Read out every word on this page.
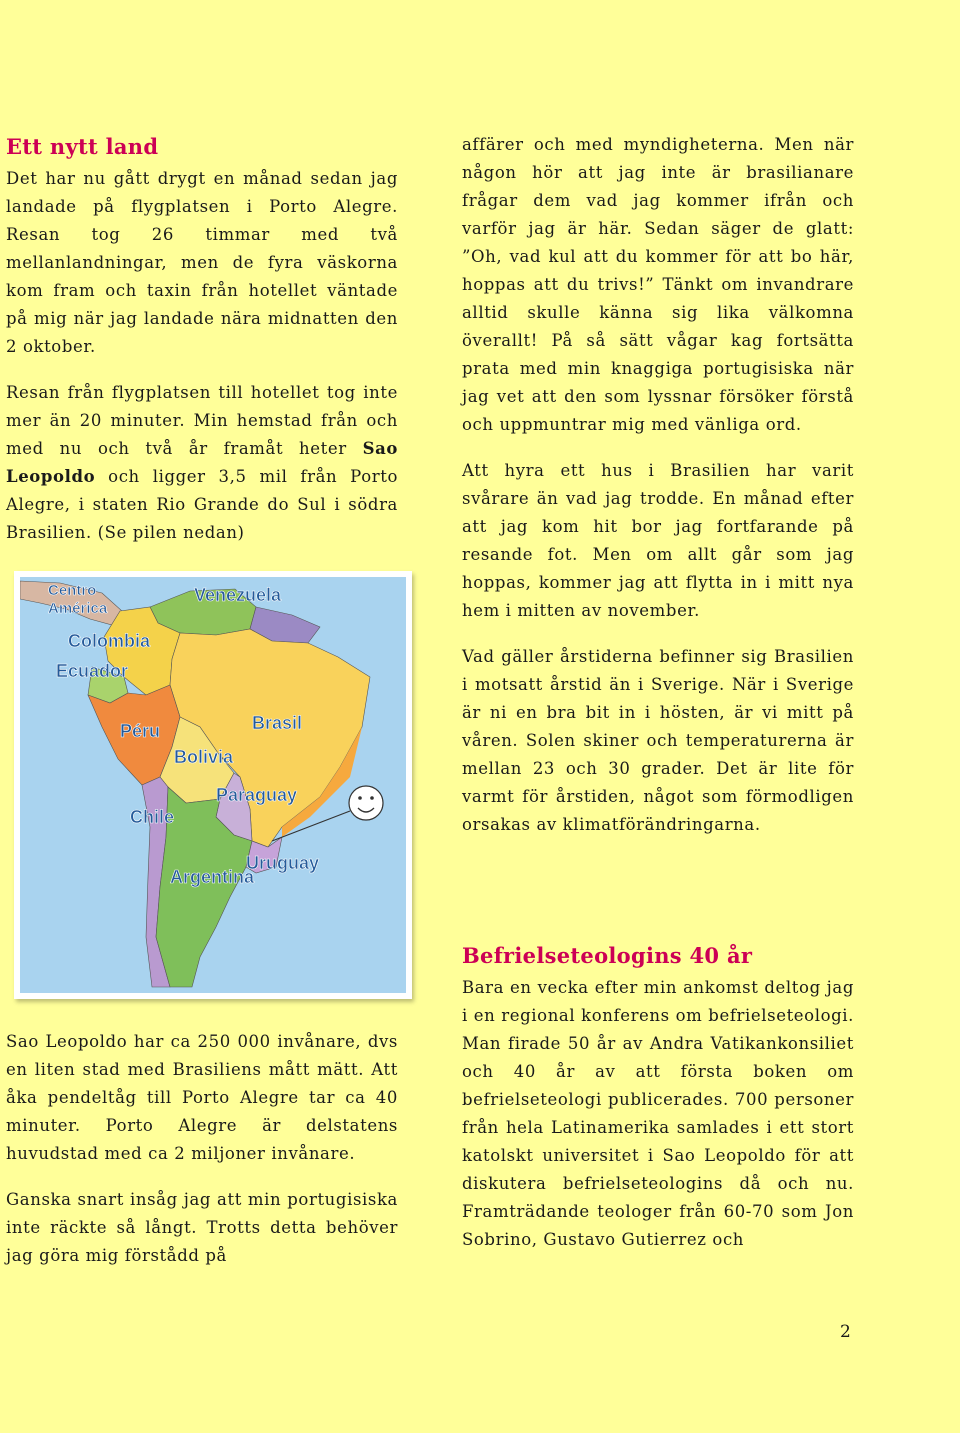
Ett nytt land

Det har nu gått drygt en månad sedan jag landade på flygplatsen i Porto Alegre. Resan tog 26 timmar med två mellanlandningar, men de fyra väskorna kom fram och taxin från hotellet väntade på mig när jag landade nära midnatten den 2 oktober.

Resan från flygplatsen till hotellet tog inte mer än 20 minuter. Min hemstad från och med nu och två år framåt heter Sao Leopoldo och ligger 3,5 mil från Porto Alegre, i staten Rio Grande do Sul i södra Brasilien. (Se pilen nedan)

Centro
América
Venezuela
Colombia
Ecuador
Péru	Brasil
Bolivia
Paraguay
Chile
Uruguay
Argentina

Sao Leopoldo har ca 250 000 invånare, dvs en liten stad med Brasiliens mått mätt. Att åka pendeltåg till Porto Alegre tar ca 40 minuter. Porto Alegre är delstatens huvudstad med ca 2 miljoner invånare.

Ganska snart insåg jag att min portugisiska inte räckte så långt. Trotts detta behöver jag göra mig förstådd på

affärer och med myndigheterna. Men när någon hör att jag inte är brasilianare frågar dem vad jag kommer ifrån och varför jag är här. Sedan säger de glatt: ”Oh, vad kul att du kommer för att bo här, hoppas att du trivs!” Tänkt om invandrare alltid skulle känna sig lika välkomna överallt! På så sätt vågar kag fortsätta prata med min knaggiga portugisiska när jag vet att den som lyssnar försöker förstå och uppmuntrar mig med vänliga ord.

Att hyra ett hus i Brasilien har varit svårare än vad jag trodde. En månad efter att jag kom hit bor jag fortfarande på resande fot. Men om allt går som jag hoppas, kommer jag att flytta in i mitt nya hem i mitten av november.

Vad gäller årstiderna befinner sig Brasilien i motsatt årstid än i Sverige. När i Sverige är ni en bra bit in i hösten, är vi mitt på våren. Solen skiner och temperaturerna är mellan 23 och 30 grader. Det är lite för varmt för årstiden, något som förmodligen orsakas av klimatförändringarna.

Befrielseteologins 40 år

Bara en vecka efter min ankomst deltog jag i en regional konferens om befrielseteologi. Man firade 50 år av Andra Vatikankonsiliet och 40 år av att första boken om befrielseteologi publicerades. 700 personer från hela Latinamerika samlades i ett stort katolskt universitet i Sao Leopoldo för att diskutera befrielseteologins då och nu. Framträdande teologer från 60-70 som Jon Sobrino, Gustavo Gutierrez och

2
